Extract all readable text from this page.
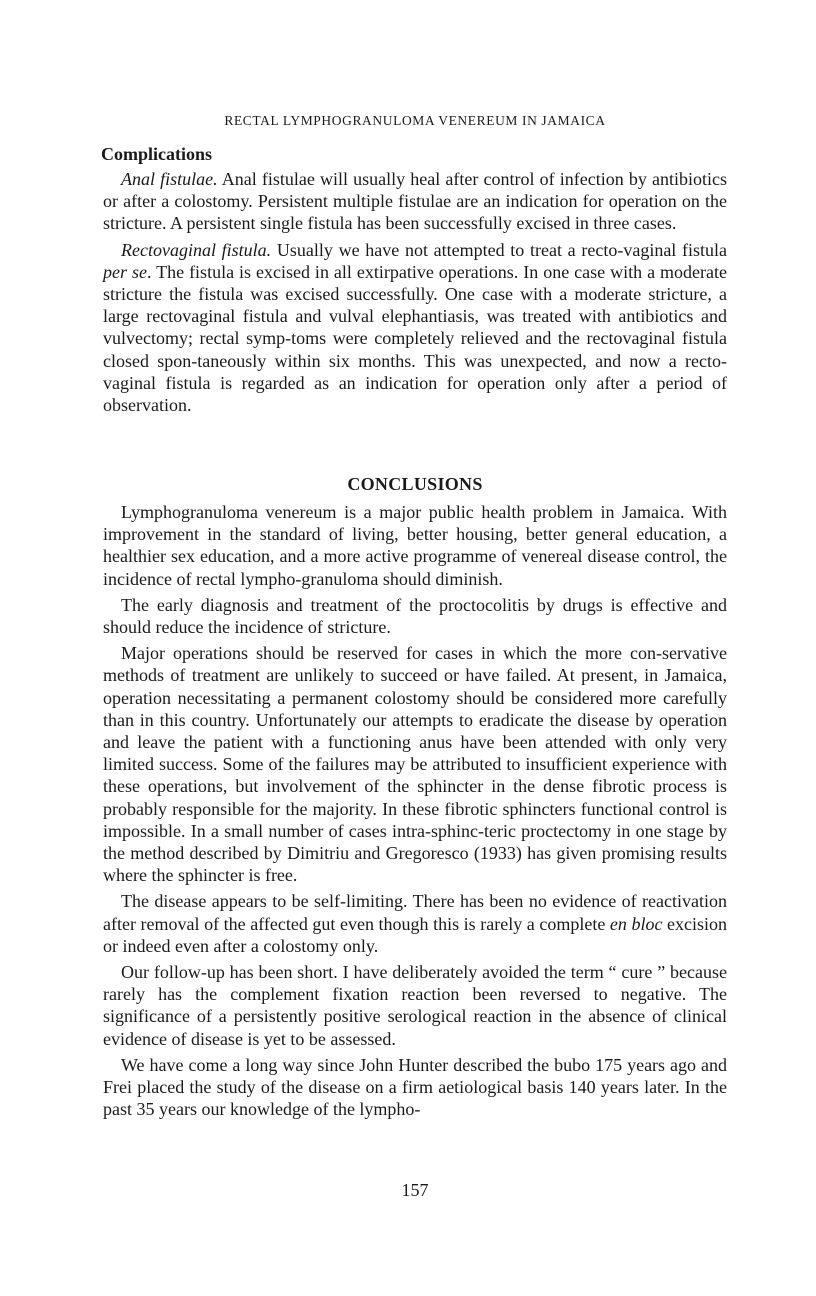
RECTAL LYMPHOGRANULOMA VENEREUM IN JAMAICA
Complications

Anal fistulae. Anal fistulae will usually heal after control of infection by antibiotics or after a colostomy. Persistent multiple fistulae are an indication for operation on the stricture. A persistent single fistula has been successfully excised in three cases.

Rectovaginal fistula. Usually we have not attempted to treat a recto-vaginal fistula per se. The fistula is excised in all extirpative operations. In one case with a moderate stricture the fistula was excised successfully. One case with a moderate stricture, a large rectovaginal fistula and vulval elephantiasis, was treated with antibiotics and vulvectomy; rectal symp-toms were completely relieved and the rectovaginal fistula closed spon-taneously within six months. This was unexpected, and now a recto-vaginal fistula is regarded as an indication for operation only after a period of observation.

CONCLUSIONS

Lymphogranuloma venereum is a major public health problem in Jamaica. With improvement in the standard of living, better housing, better general education, a healthier sex education, and a more active programme of venereal disease control, the incidence of rectal lympho-granuloma should diminish.

The early diagnosis and treatment of the proctocolitis by drugs is effective and should reduce the incidence of stricture.

Major operations should be reserved for cases in which the more con-servative methods of treatment are unlikely to succeed or have failed. At present, in Jamaica, operation necessitating a permanent colostomy should be considered more carefully than in this country. Unfortunately our attempts to eradicate the disease by operation and leave the patient with a functioning anus have been attended with only very limited success. Some of the failures may be attributed to insufficient experience with these operations, but involvement of the sphincter in the dense fibrotic process is probably responsible for the majority. In these fibrotic sphincters functional control is impossible. In a small number of cases intra-sphinc-teric proctectomy in one stage by the method described by Dimitriu and Gregoresco (1933) has given promising results where the sphincter is free.

The disease appears to be self-limiting. There has been no evidence of reactivation after removal of the affected gut even though this is rarely a complete en bloc excision or indeed even after a colostomy only.

Our follow-up has been short. I have deliberately avoided the term “ cure ” because rarely has the complement fixation reaction been reversed to negative. The significance of a persistently positive serological reaction in the absence of clinical evidence of disease is yet to be assessed.

We have come a long way since John Hunter described the bubo 175 years ago and Frei placed the study of the disease on a firm aetiological basis 140 years later. In the past 35 years our knowledge of the lympho-

157
